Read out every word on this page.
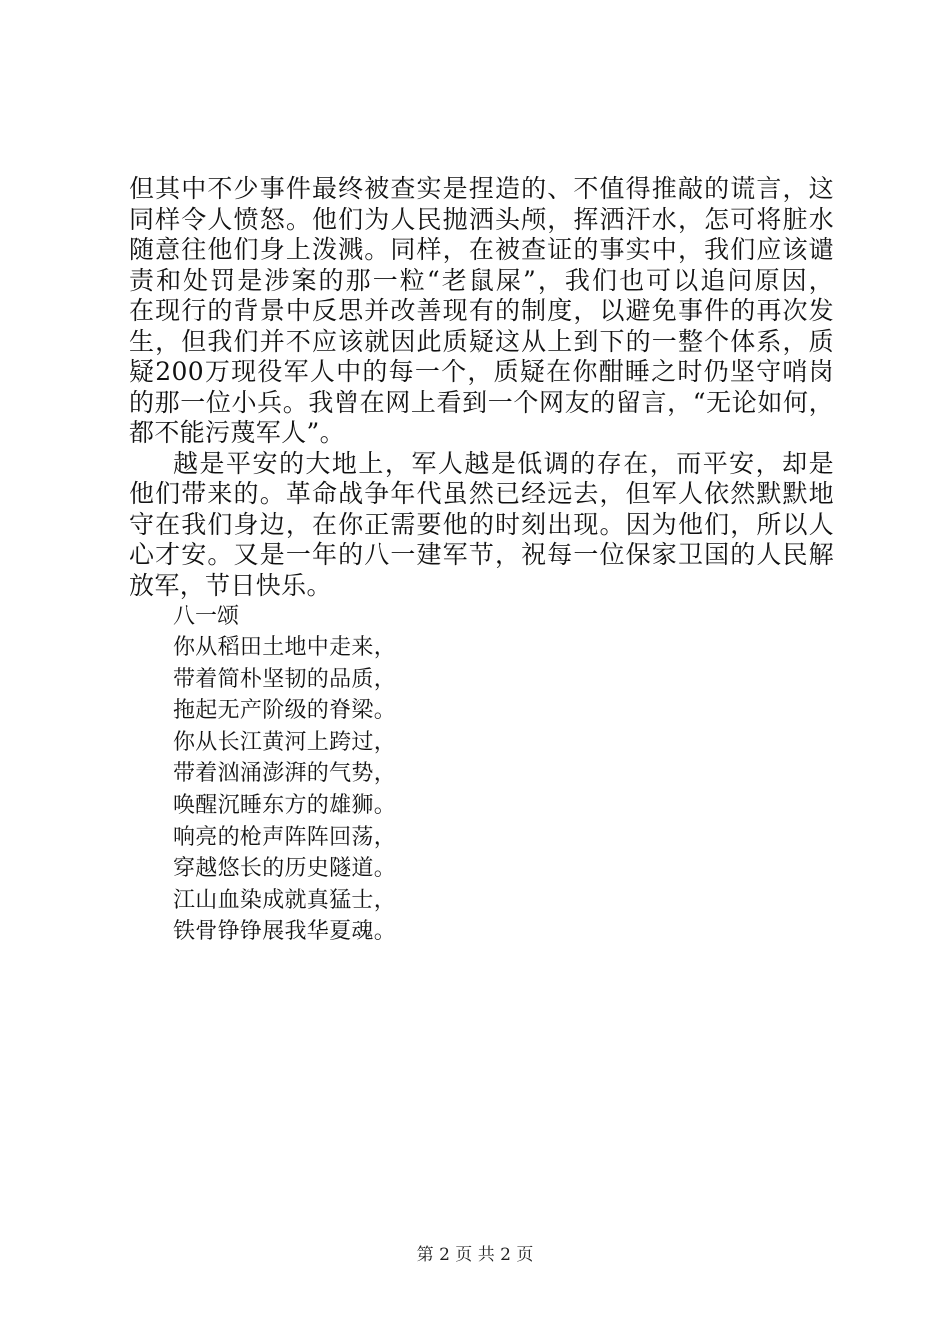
但其中不少事件最终被查实是捏造的、不值得推敲的谎言，这
同样令人愤怒。他们为人民抛洒头颅，挥洒汗水，怎可将脏水
随意往他们身上泼溅。同样，在被查证的事实中，我们应该谴
责和处罚是涉案的那一粒“老鼠屎”，我们也可以追问原因，
在现行的背景中反思并改善现有的制度，以避免事件的再次发
生，但我们并不应该就因此质疑这从上到下的一整个体系，质
疑200万现役军人中的每一个，质疑在你酣睡之时仍坚守哨岗
的那一位小兵。我曾在网上看到一个网友的留言，“无论如何，
都不能污蔑军人”。
越是平安的大地上，军人越是低调的存在，而平安，却是
他们带来的。革命战争年代虽然已经远去，但军人依然默默地
守在我们身边，在你正需要他的时刻出现。因为他们，所以人
心才安。又是一年的八一建军节，祝每一位保家卫国的人民解
放军，节日快乐。
八一颂
你从稻田土地中走来，
带着简朴坚韧的品质，
拖起无产阶级的脊梁。
你从长江黄河上跨过，
带着汹涌澎湃的气势，
唤醒沉睡东方的雄狮。
响亮的枪声阵阵回荡，
穿越悠长的历史隧道。
江山血染成就真猛士，
铁骨铮铮展我华夏魂。
第 2 页 共 2 页
